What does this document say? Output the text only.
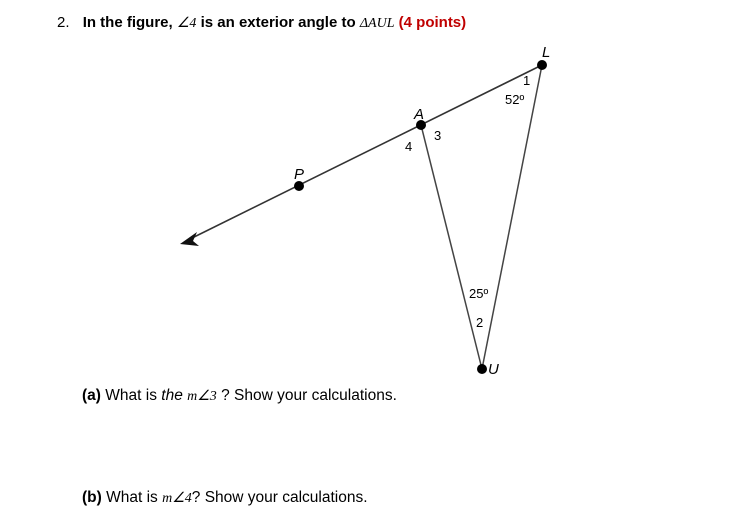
2. In the figure, ∠4 is an exterior angle to ΔAUL (4 points)
L
A
P
U
1
3
4
2
52º
25º
(a) What is the m∠3 ? Show your calculations.
(b) What is m∠4? Show your calculations.
